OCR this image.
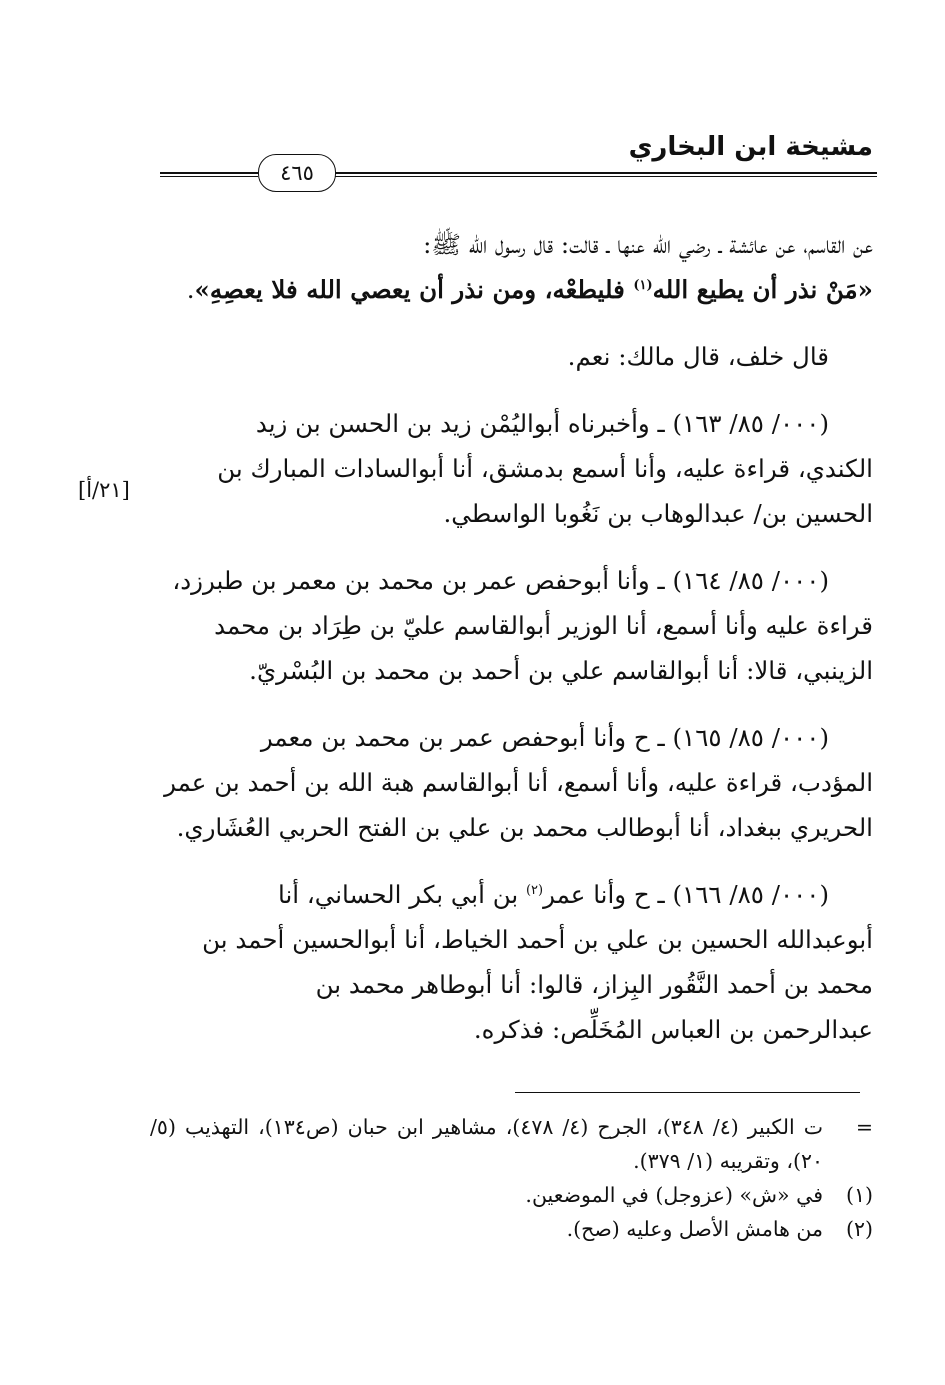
مشيخة ابن البخاري
٤٦٥
[٢١/أ]

عن القاسم، عن عائشة ـ رضي الله عنها ـ قالت: قال رسول الله ﷺ:
«مَنْ نذر أن يطيع الله$^{(١)}$ فليطعْه، ومن نذر أن يعصي الله فلا يعصِهِ».

قال خلف، قال مالك: نعم.

(٠٠٠/ ٨٥/ ١٦٣) ـ وأخبرناه أبواليُمْن زيد بن الحسن بن زيد
الكندي، قراءة عليه، وأنا أسمع بدمشق، أنا أبوالسادات المبارك بن
الحسين بن/ عبدالوهاب بن نَغُوبا الواسطي.

(٠٠٠/ ٨٥/ ١٦٤) ـ وأنا أبوحفص عمر بن محمد بن معمر بن طبرزد،
قراءة عليه وأنا أسمع، أنا الوزير أبوالقاسم عليّ بن طِرَاد بن محمد
الزينبي، قالا: أنا أبوالقاسم علي بن أحمد بن محمد بن البُسْريّ.

(٠٠٠/ ٨٥/ ١٦٥) ـ ح وأنا أبوحفص عمر بن محمد بن معمر
المؤدب، قراءة عليه، وأنا أسمع، أنا أبوالقاسم هبة الله بن أحمد بن عمر
الحريري ببغداد، أنا أبوطالب محمد بن علي بن الفتح الحربي العُشَاري.

(٠٠٠/ ٨٥/ ١٦٦) ـ ح وأنا عمر$^{(٢)}$ بن أبي بكر الحساني، أنا
أبوعبدالله الحسين بن علي بن أحمد الخياط، أنا أبوالحسين أحمد بن
محمد بن أحمد النَّقُور البِزاز، قالوا: أنا أبوطاهر محمد بن
عبدالرحمن بن العباس المُخَلِّص: فذكره.

=
ت الكبير (٤/ ٣٤٨)، الجرح (٤/ ٤٧٨)، مشاهير ابن حبان (ص١٣٤)، التهذيب (٥/ ٢٠)، وتقريبه (١/ ٣٧٩).
(١)
في «ش» (عزوجل) في الموضعين.
(٢)
من هامش الأصل وعليه (صح).
